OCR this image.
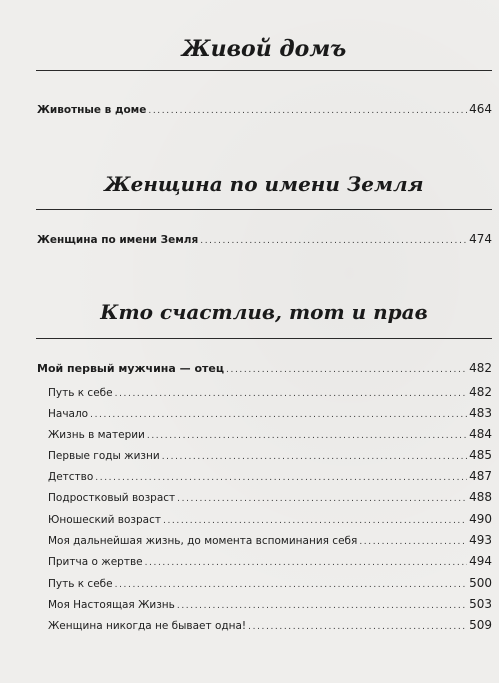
Живой домъ
Животные в доме .....	464
Женщина по имени Земля
Женщина по имени Земля .....	474
Кто счастлив, тот и прав
Мой первый мужчина — отец .....	482
Путь к себе .....	482
Начало .....	483
Жизнь в материи .....	484
Первые годы жизни .....	485
Детство .....	487
Подростковый возраст .....	488
Юношеский возраст .....	490
Моя дальнейшая жизнь, до момента вспоминания себя .....	493
Притча о жертве .....	494
Путь к себе .....	500
Моя Настоящая Жизнь .....	503
Женщина никогда не бывает одна! .....	509
